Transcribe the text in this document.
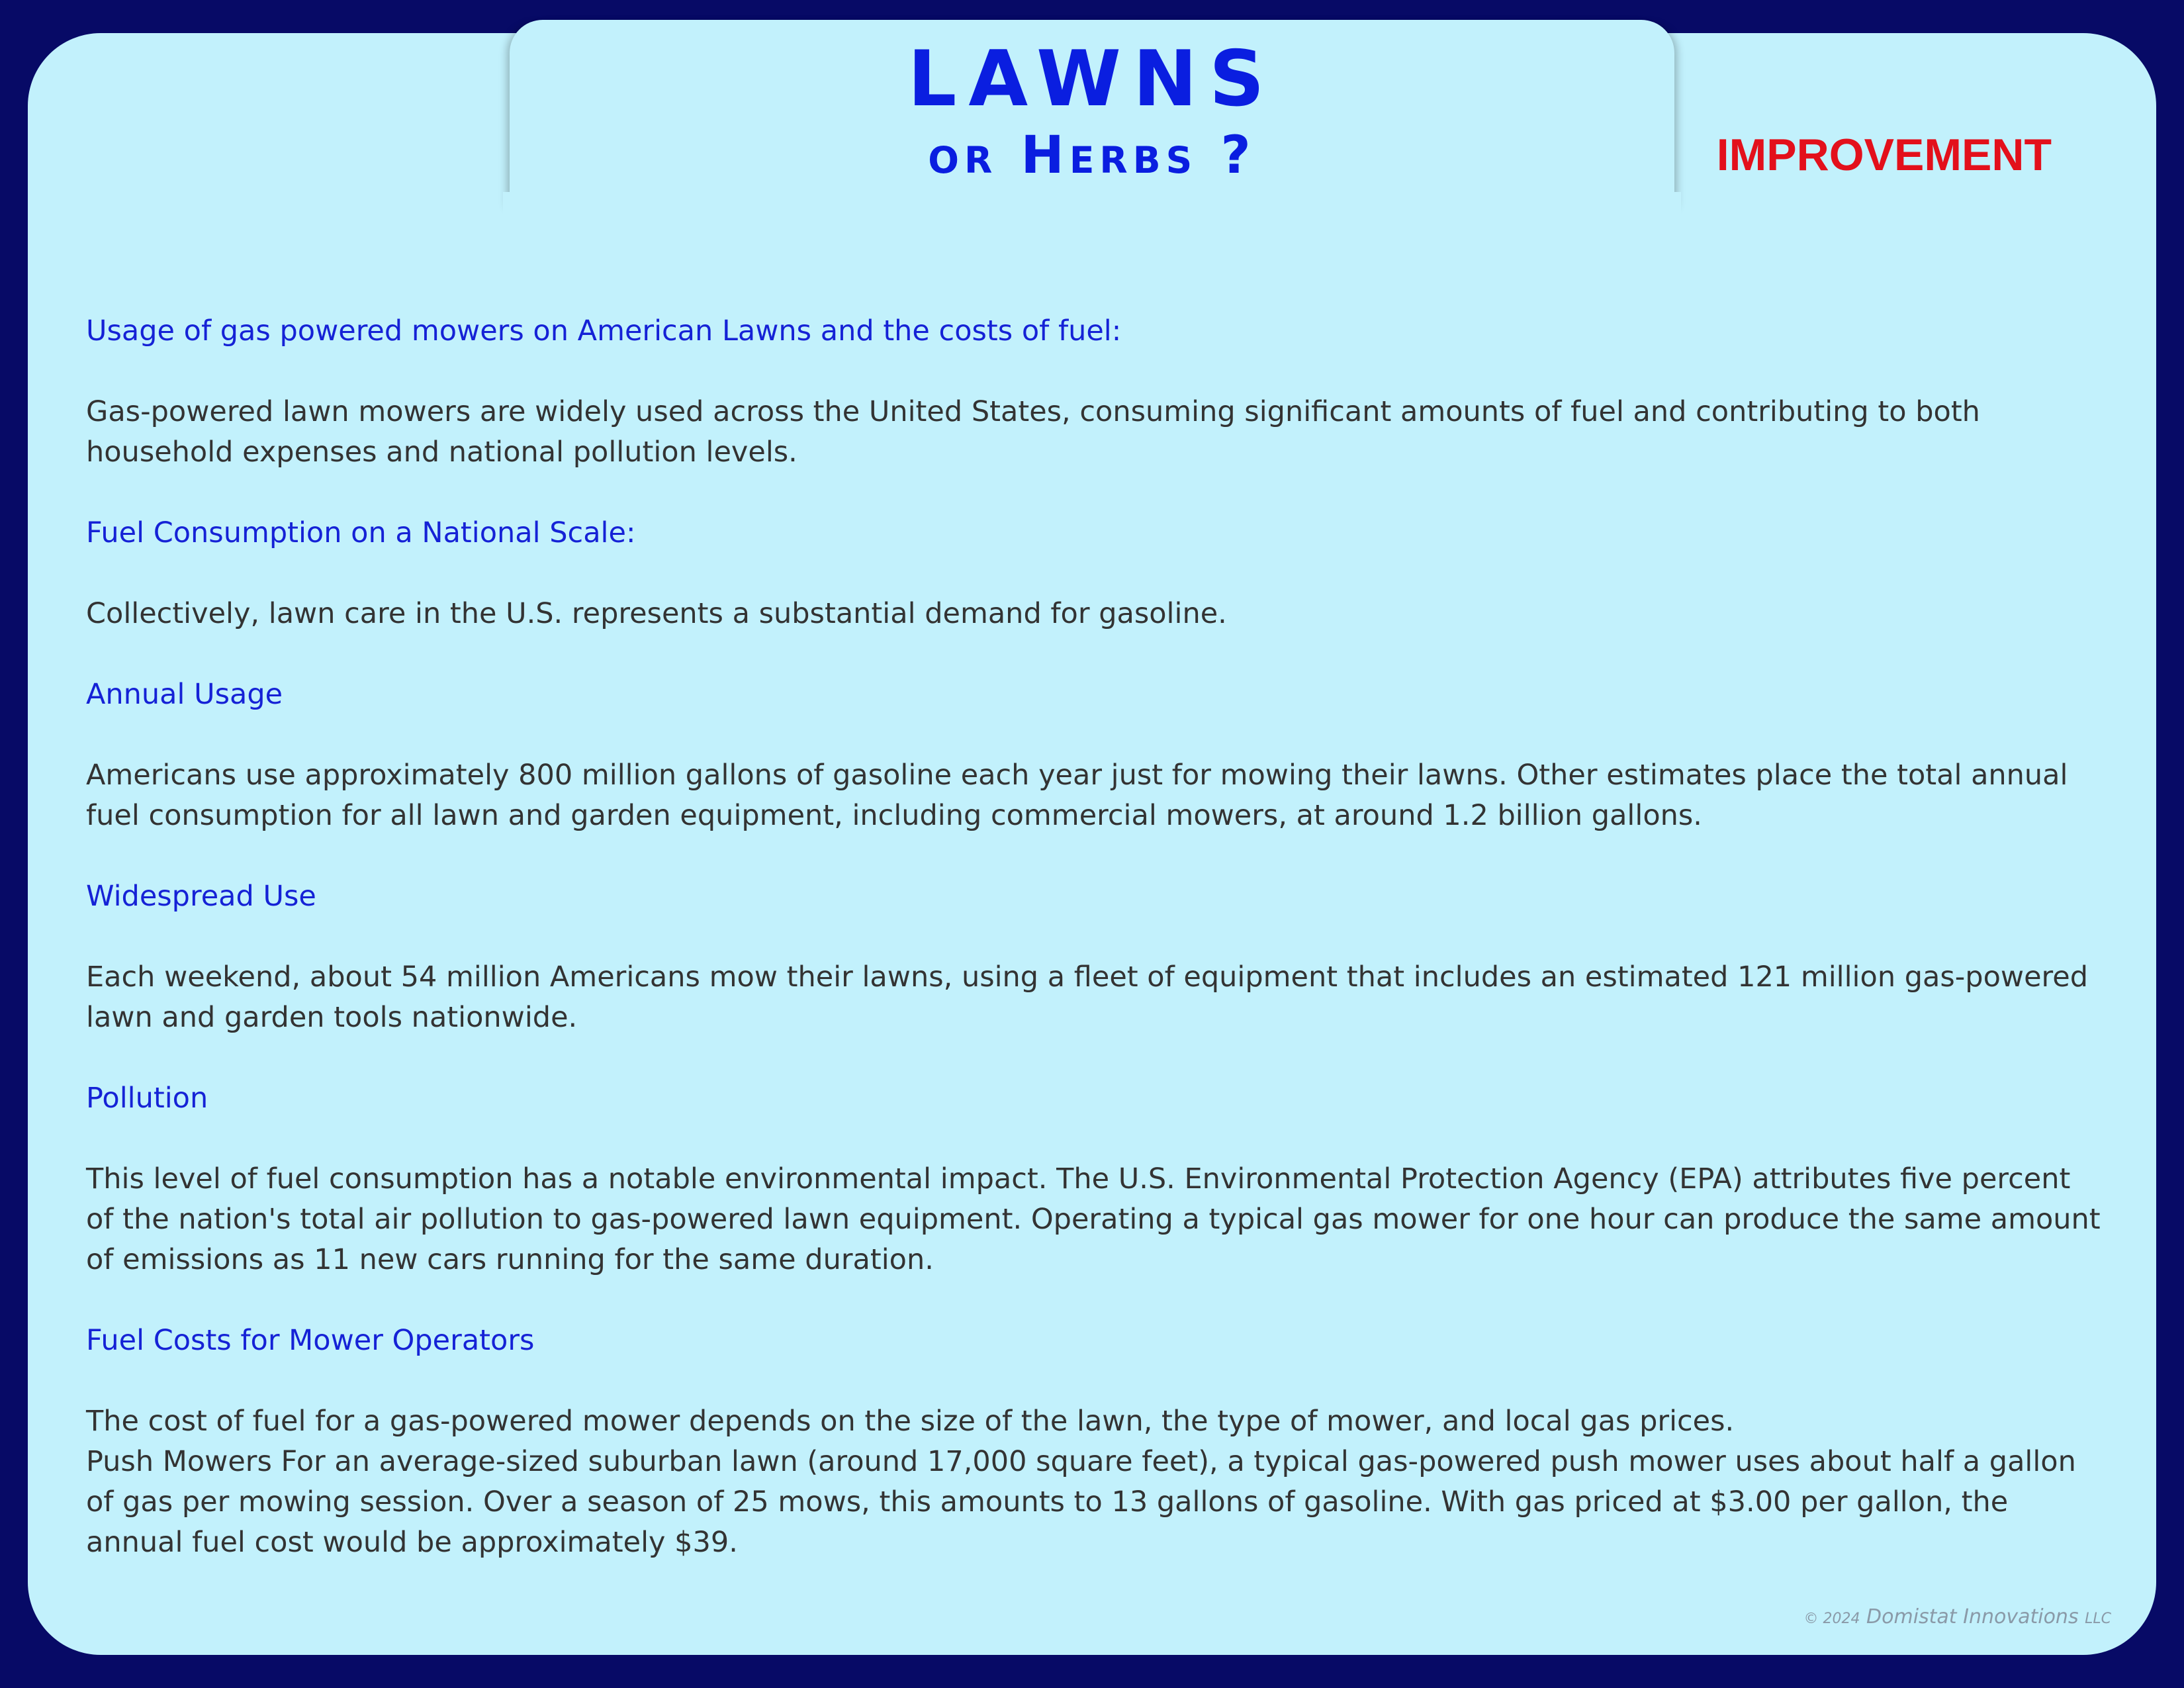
LAWNS
or Herbs ?	IMPROVEMENT

Usage of gas powered mowers on American Lawns and the costs of fuel:

Gas-powered lawn mowers are widely used across the United States, consuming significant amounts of fuel and contributing to both household expenses and national pollution levels.

Fuel Consumption on a National Scale:

Collectively, lawn care in the U.S. represents a substantial demand for gasoline.

Annual Usage

Americans use approximately 800 million gallons of gasoline each year just for mowing their lawns. Other estimates place the total annual fuel consumption for all lawn and garden equipment, including commercial mowers, at around 1.2 billion gallons.

Widespread Use

Each weekend, about 54 million Americans mow their lawns, using a fleet of equipment that includes an estimated 121 million gas-powered lawn and garden tools nationwide.

Pollution

This level of fuel consumption has a notable environmental impact. The U.S. Environmental Protection Agency (EPA) attributes five percent of the nation's total air pollution to gas-powered lawn equipment. Operating a typical gas mower for one hour can produce the same amount of emissions as 11 new cars running for the same duration.

Fuel Costs for Mower Operators

The cost of fuel for a gas-powered mower depends on the size of the lawn, the type of mower, and local gas prices.

Push Mowers For an average-sized suburban lawn (around 17,000 square feet), a typical gas-powered push mower uses about half a gallon of gas per mowing session. Over a season of 25 mows, this amounts to 13 gallons of gasoline. With gas priced at $3.00 per gallon, the annual fuel cost would be approximately $39.

© 2024 Domistat Innovations LLC
